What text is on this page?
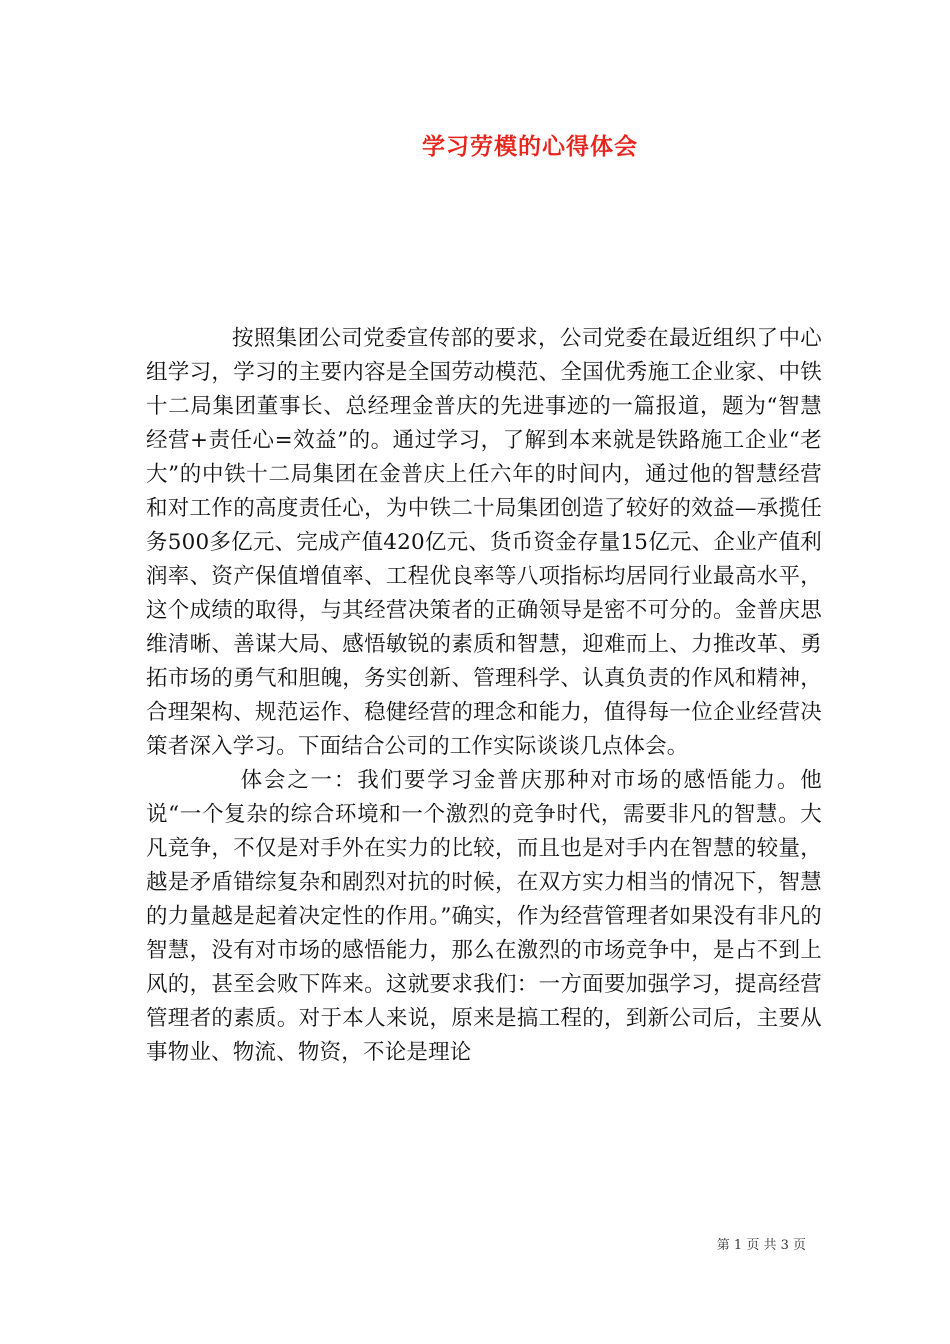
学习劳模的心得体会

按照集团公司党委宣传部的要求，公司党委在最近组织了中心组学习，学习的主要内容是全国劳动模范、全国优秀施工企业家、中铁十二局集团董事长、总经理金普庆的先进事迹的一篇报道，题为“智慧经营+责任心=效益”的。通过学习，了解到本来就是铁路施工企业“老大”的中铁十二局集团在金普庆上任六年的时间内，通过他的智慧经营和对工作的高度责任心，为中铁二十局集团创造了较好的效益—承揽任务500多亿元、完成产值420亿元、货币资金存量15亿元、企业产值利润率、资产保值增值率、工程优良率等八项指标均居同行业最高水平，这个成绩的取得，与其经营决策者的正确领导是密不可分的。金普庆思维清晰、善谋大局、感悟敏锐的素质和智慧，迎难而上、力推改革、勇拓市场的勇气和胆魄，务实创新、管理科学、认真负责的作风和精神，合理架构、规范运作、稳健经营的理念和能力，值得每一位企业经营决策者深入学习。下面结合公司的工作实际谈谈几点体会。

体会之一：我们要学习金普庆那种对市场的感悟能力。他说“一个复杂的综合环境和一个激烈的竞争时代，需要非凡的智慧。大凡竞争，不仅是对手外在实力的比较，而且也是对手内在智慧的较量，越是矛盾错综复杂和剧烈对抗的时候，在双方实力相当的情况下，智慧的力量越是起着决定性的作用。”确实，作为经营管理者如果没有非凡的智慧，没有对市场的感悟能力，那么在激烈的市场竞争中，是占不到上风的，甚至会败下阵来。这就要求我们：一方面要加强学习，提高经营管理者的素质。对于本人来说，原来是搞工程的，到新公司后，主要从事物业、物流、物资，不论是理论

第 1 页 共 3 页
